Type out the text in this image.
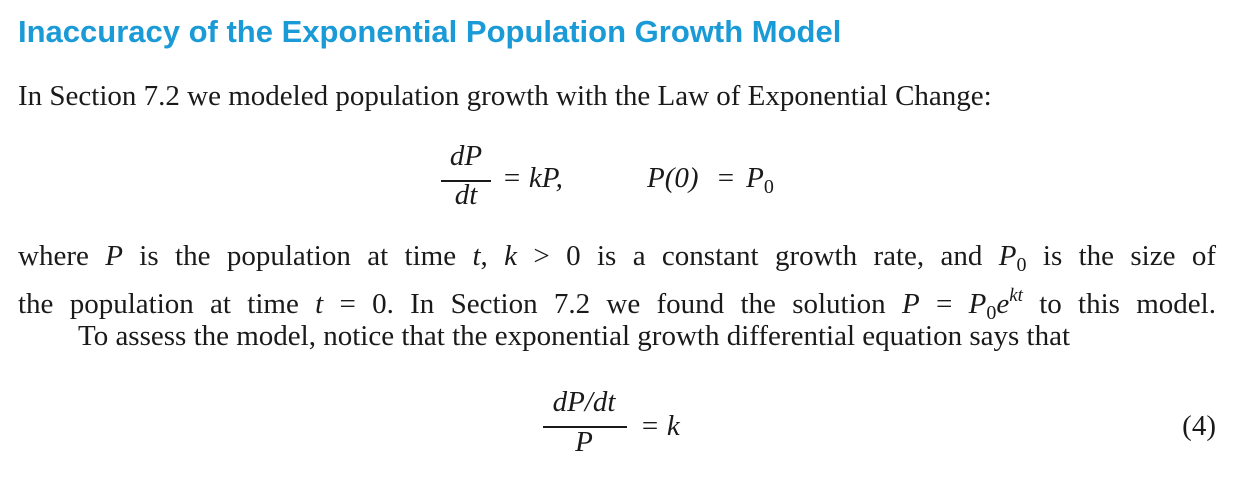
Inaccuracy of the Exponential Population Growth Model
In Section 7.2 we modeled population growth with the Law of Exponential Change:
dP
dt
= kP,	$P(0) = P_0$
where P is the population at time t, k > 0 is a constant growth rate, and $P_0$ is the size of
the population at time t = 0. In Section 7.2 we found the solution $P = P_0e^{kt}$ to this model.
To assess the model, notice that the exponential growth differential equation says that
dP/dt
P	= k	(4)
